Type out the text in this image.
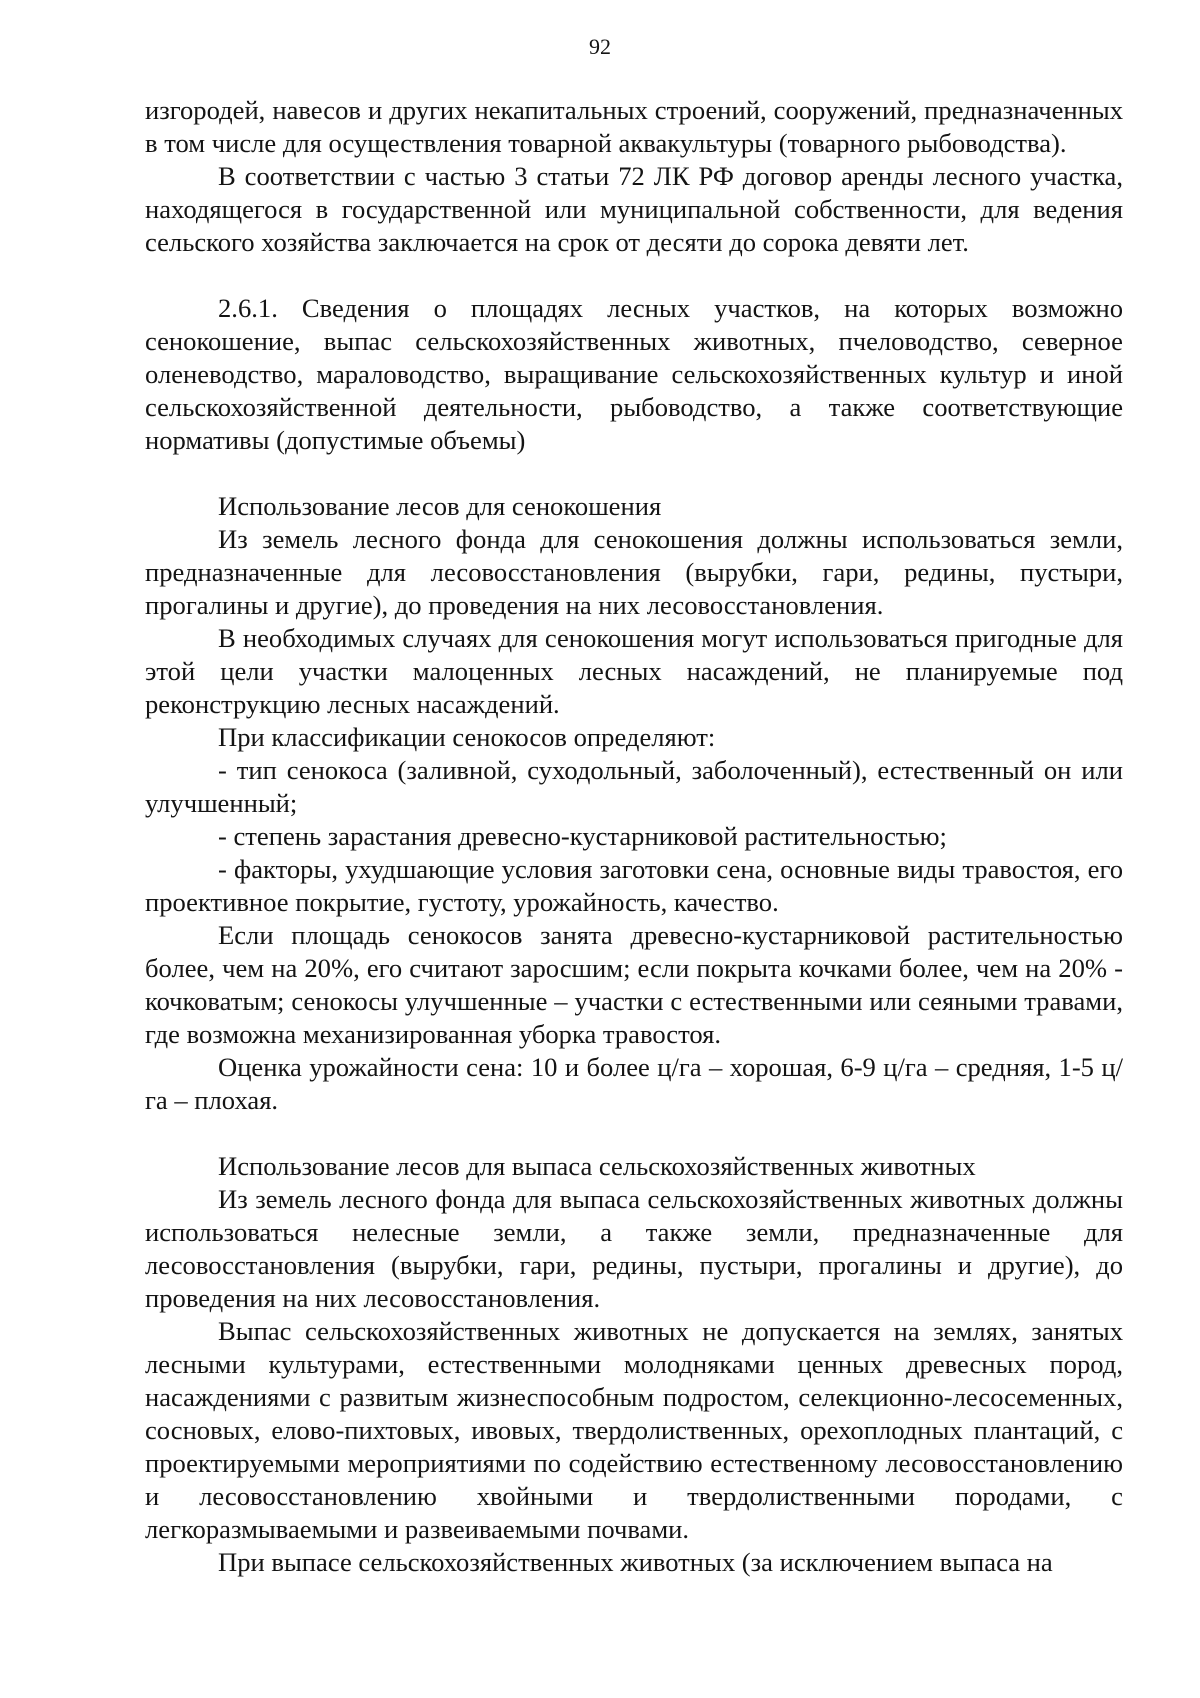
92

изгородей, навесов и других некапитальных строений, сооружений, предназначенных в том числе для осуществления товарной аквакультуры (товарного рыбоводства).

В соответствии с частью 3 статьи 72 ЛК РФ договор аренды лесного участка, находящегося в государственной или муниципальной собственности, для ведения сельского хозяйства заключается на срок от десяти до сорока девяти лет.

2.6.1. Сведения о площадях лесных участков, на которых возможно сенокошение, выпас сельскохозяйственных животных, пчеловодство, северное оленеводство, мараловодство, выращивание сельскохозяйственных культур и иной сельскохозяйственной деятельности, рыбоводство, а также соответствующие нормативы (допустимые объемы)

Использование лесов для сенокошения

Из земель лесного фонда для сенокошения должны использоваться земли, предназначенные для лесовосстановления (вырубки, гари, редины, пустыри, прогалины и другие), до проведения на них лесовосстановления.

В необходимых случаях для сенокошения могут использоваться пригодные для этой цели участки малоценных лесных насаждений, не планируемые под реконструкцию лесных насаждений.

При классификации сенокосов определяют:

- тип сенокоса (заливной, суходольный, заболоченный), естественный он или улучшенный;

- степень зарастания древесно-кустарниковой растительностью;

- факторы, ухудшающие условия заготовки сена, основные виды травостоя, его проективное покрытие, густоту, урожайность, качество.

Если площадь сенокосов занята древесно-кустарниковой растительностью более, чем на 20%, его считают заросшим; если покрыта кочками более, чем на 20% - кочковатым; сенокосы улучшенные – участки с естественными или сеяными травами, где возможна механизированная уборка травостоя.

Оценка урожайности сена: 10 и более ц/га – хорошая, 6-9 ц/га – средняя, 1-5 ц/га – плохая.

Использование лесов для выпаса сельскохозяйственных животных

Из земель лесного фонда для выпаса сельскохозяйственных животных должны использоваться нелесные земли, а также земли, предназначенные для лесовосстановления (вырубки, гари, редины, пустыри, прогалины и другие), до проведения на них лесовосстановления.

Выпас сельскохозяйственных животных не допускается на землях, занятых лесными культурами, естественными молодняками ценных древесных пород, насаждениями с развитым жизнеспособным подростом, селекционно-лесосеменных, сосновых, елово-пихтовых, ивовых, твердолиственных, орехоплодных плантаций, с проектируемыми мероприятиями по содействию естественному лесовосстановлению и лесовосстановлению хвойными и твердолиственными породами, с легкоразмываемыми и развеиваемыми почвами.

При выпасе сельскохозяйственных животных (за исключением выпаса на
